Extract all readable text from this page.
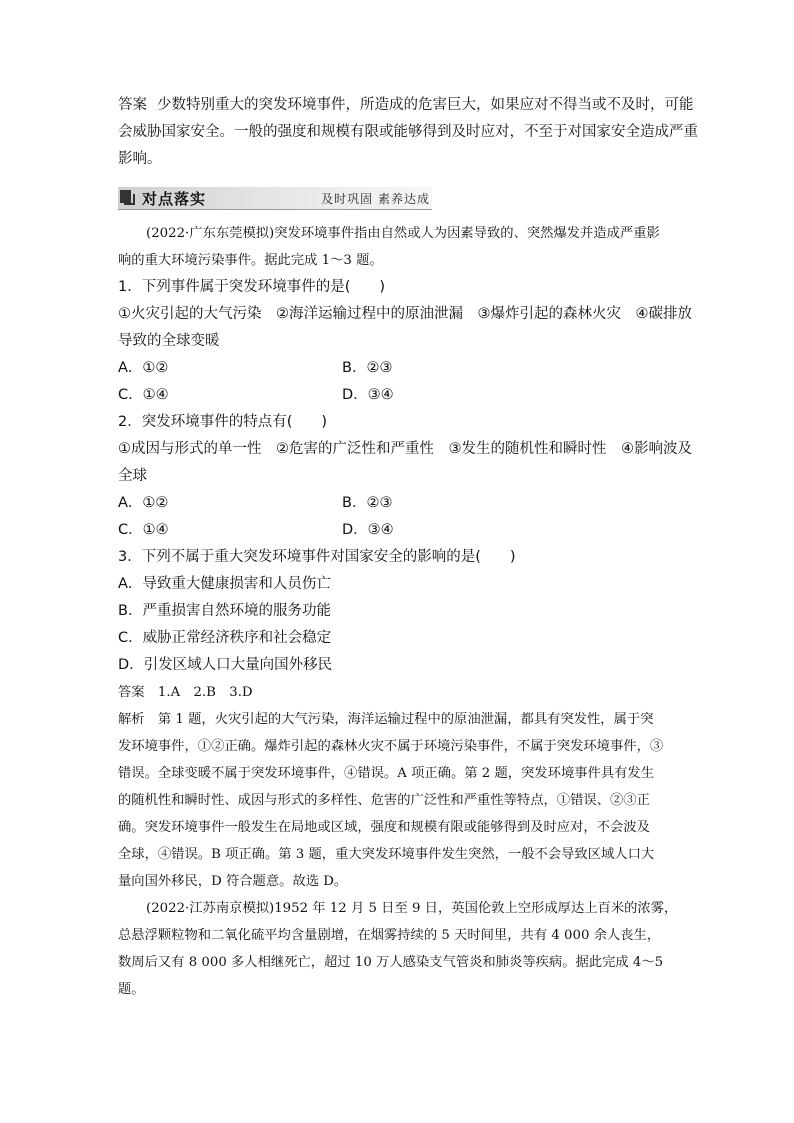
答案 少数特别重大的突发环境事件，所造成的危害巨大，如果应对不得当或不及时，可能
会威胁国家安全。一般的强度和规模有限或能够得到及时应对，不至于对国家安全造成严重
影响。
对点落实	及时巩固 素养达成
(2022·广东东莞模拟)突发环境事件指由自然或人为因素导致的、突然爆发并造成严重影
响的重大环境污染事件。据此完成 1～3 题。
1．下列事件属于突发环境事件的是(　　)
①火灾引起的大气污染　②海洋运输过程中的原油泄漏　③爆炸引起的森林火灾　④碳排放
导致的全球变暖
A．①②	B．②③
C．①④	D．③④
2．突发环境事件的特点有(　　)
①成因与形式的单一性　②危害的广泛性和严重性　③发生的随机性和瞬时性　④影响波及
全球
A．①②	B．②③
C．①④	D．③④
3．下列不属于重大突发环境事件对国家安全的影响的是(　　)
A．导致重大健康损害和人员伤亡
B．严重损害自然环境的服务功能
C．威胁正常经济秩序和社会稳定
D．引发区域人口大量向国外移民
答案　1.A　2.B　3.D
解析　第 1 题，火灾引起的大气污染，海洋运输过程中的原油泄漏，都具有突发性，属于突
发环境事件，①②正确。爆炸引起的森林火灾不属于环境污染事件，不属于突发环境事件，③
错误。全球变暖不属于突发环境事件，④错误。A 项正确。第 2 题，突发环境事件具有发生
的随机性和瞬时性、成因与形式的多样性、危害的广泛性和严重性等特点，①错误、②③正
确。突发环境事件一般发生在局地或区域，强度和规模有限或能够得到及时应对，不会波及
全球，④错误。B 项正确。第 3 题，重大突发环境事件发生突然，一般不会导致区域人口大
量向国外移民，D 符合题意。故选 D。
(2022·江苏南京模拟)1952 年 12 月 5 日至 9 日，英国伦敦上空形成厚达上百米的浓雾，
总悬浮颗粒物和二氧化硫平均含量剧增，在烟雾持续的 5 天时间里，共有 4 000 余人丧生，
数周后又有 8 000 多人相继死亡，超过 10 万人感染支气管炎和肺炎等疾病。据此完成 4～5
题。
